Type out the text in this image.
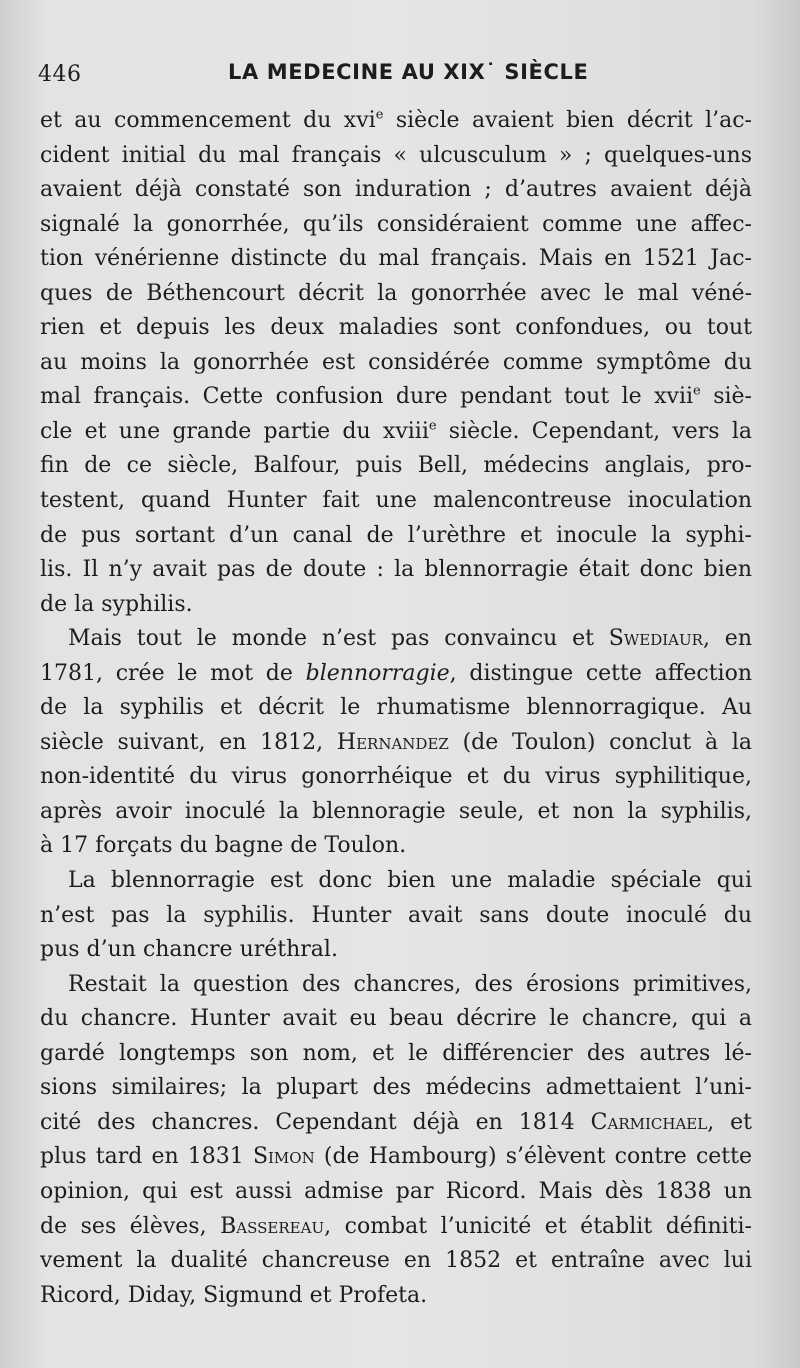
446	LA MEDECINE AU XIX˙ SIÈCLE
et au commencement du xvi$^e$ siècle avaient bien décrit l’ac-
cident initial du mal français « ulcusculum » ; quelques-uns
avaient déjà constaté son induration ; d’autres avaient déjà
signalé la gonorrhée, qu’ils considéraient comme une affec-
tion vénérienne distincte du mal français. Mais en 1521 Jac-
ques de Béthencourt décrit la gonorrhée avec le mal véné-
rien et depuis les deux maladies sont confondues, ou tout
au moins la gonorrhée est considérée comme symptôme du
mal français. Cette confusion dure pendant tout le xvii$^e$ siè-
cle et une grande partie du xviii$^e$ siècle. Cependant, vers la
fin de ce siècle, Balfour, puis Bell, médecins anglais, pro-
testent, quand Hunter fait une malencontreuse inoculation
de pus sortant d’un canal de l’urèthre et inocule la syphi-
lis. Il n’y avait pas de doute : la blennorragie était donc bien
de la syphilis.
Mais tout le monde n’est pas convaincu et Swediaur, en
1781, crée le mot de blennorragie, distingue cette affection
de la syphilis et décrit le rhumatisme blennorragique. Au
siècle suivant, en 1812, Hernandez (de Toulon) conclut à la
non-identité du virus gonorrhéique et du virus syphilitique,
après avoir inoculé la blennoragie seule, et non la syphilis,
à 17 forçats du bagne de Toulon.
La blennorragie est donc bien une maladie spéciale qui
n’est pas la syphilis. Hunter avait sans doute inoculé du
pus d’un chancre uréthral.
Restait la question des chancres, des érosions primitives,
du chancre. Hunter avait eu beau décrire le chancre, qui a
gardé longtemps son nom, et le différencier des autres lé-
sions similaires; la plupart des médecins admettaient l’uni-
cité des chancres. Cependant déjà en 1814 Carmichael, et
plus tard en 1831 Simon (de Hambourg) s’élèvent contre cette
opinion, qui est aussi admise par Ricord. Mais dès 1838 un
de ses élèves, Bassereau, combat l’unicité et établit définiti-
vement la dualité chancreuse en 1852 et entraîne avec lui
Ricord, Diday, Sigmund et Profeta.
